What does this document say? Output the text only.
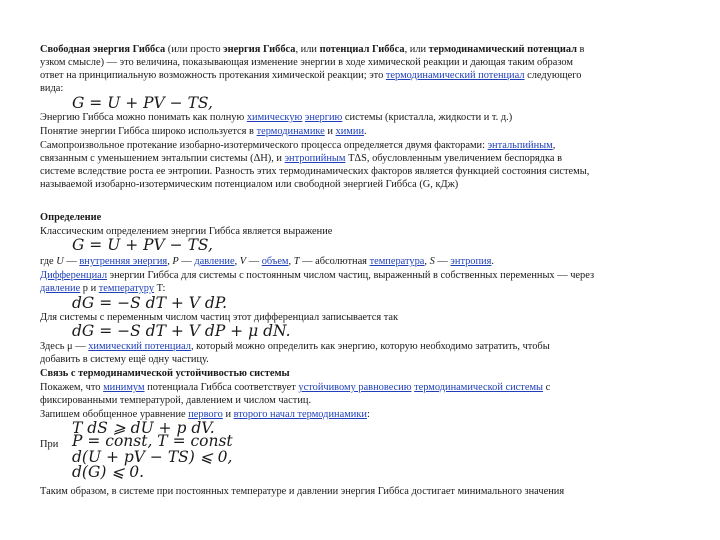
Свободная энергия Гиббса (или просто энергия Гиббса, или потенциал Гиббса, или термодинамический потенциал в

узком смысле) — это величина, показывающая изменение энергии в ходе химической реакции и дающая таким образом

ответ на принципиальную возможность протекания химической реакции; это термодинамический потенциал следующего

вида:

G = U + PV − TS,

Энергию Гиббса можно понимать как полную химическую энергию системы (кристалла, жидкости и т. д.)

Понятие энергии Гиббса широко используется в термодинамике и химии.

Самопроизвольное протекание изобарно-изотермического процесса определяется двумя факторами: энтальпийным,

связанным с уменьшением энтальпии системы (ΔH), и энтропийным TΔS, обусловленным увеличением беспорядка в

системе вследствие роста ее энтропии. Разность этих термодинамических факторов является функцией состояния системы,

называемой изобарно-изотермическим потенциалом или свободной энергией Гиббса (G, кДж)

Определение

Классическим определением энергии Гиббса является выражение

G = U + PV − TS,

где U — внутренняя энергия, P — давление, V — объем, T — абсолютная температура, S — энтропия.

Дифференциал энергии Гиббса для системы с постоянным числом частиц, выраженный в собственных переменных — через

давление p и температуру T:

dG = −S dT + V dP.

Для системы с переменным числом частиц этот дифференциал записывается так

dG = −S dT + V dP + μ dN.

Здесь μ — химический потенциал, который можно определить как энергию, которую необходимо затратить, чтобы

добавить в систему ещё одну частицу.

Связь с термодинамической устойчивостью системы

Покажем, что минимум потенциала Гиббса соответствует устойчивому равновесию термодинамической системы с

фиксированными температурой, давлением и числом частиц.

Запишем обобщенное уравнение первого и второго начал термодинамики:

T dS ⩾ dU + p dV.

При P = const, T = const

d(U + pV − TS) ⩽ 0,

d(G) ⩽ 0.

Таким образом, в системе при постоянных температуре и давлении энергия Гиббса достигает минимального значения
